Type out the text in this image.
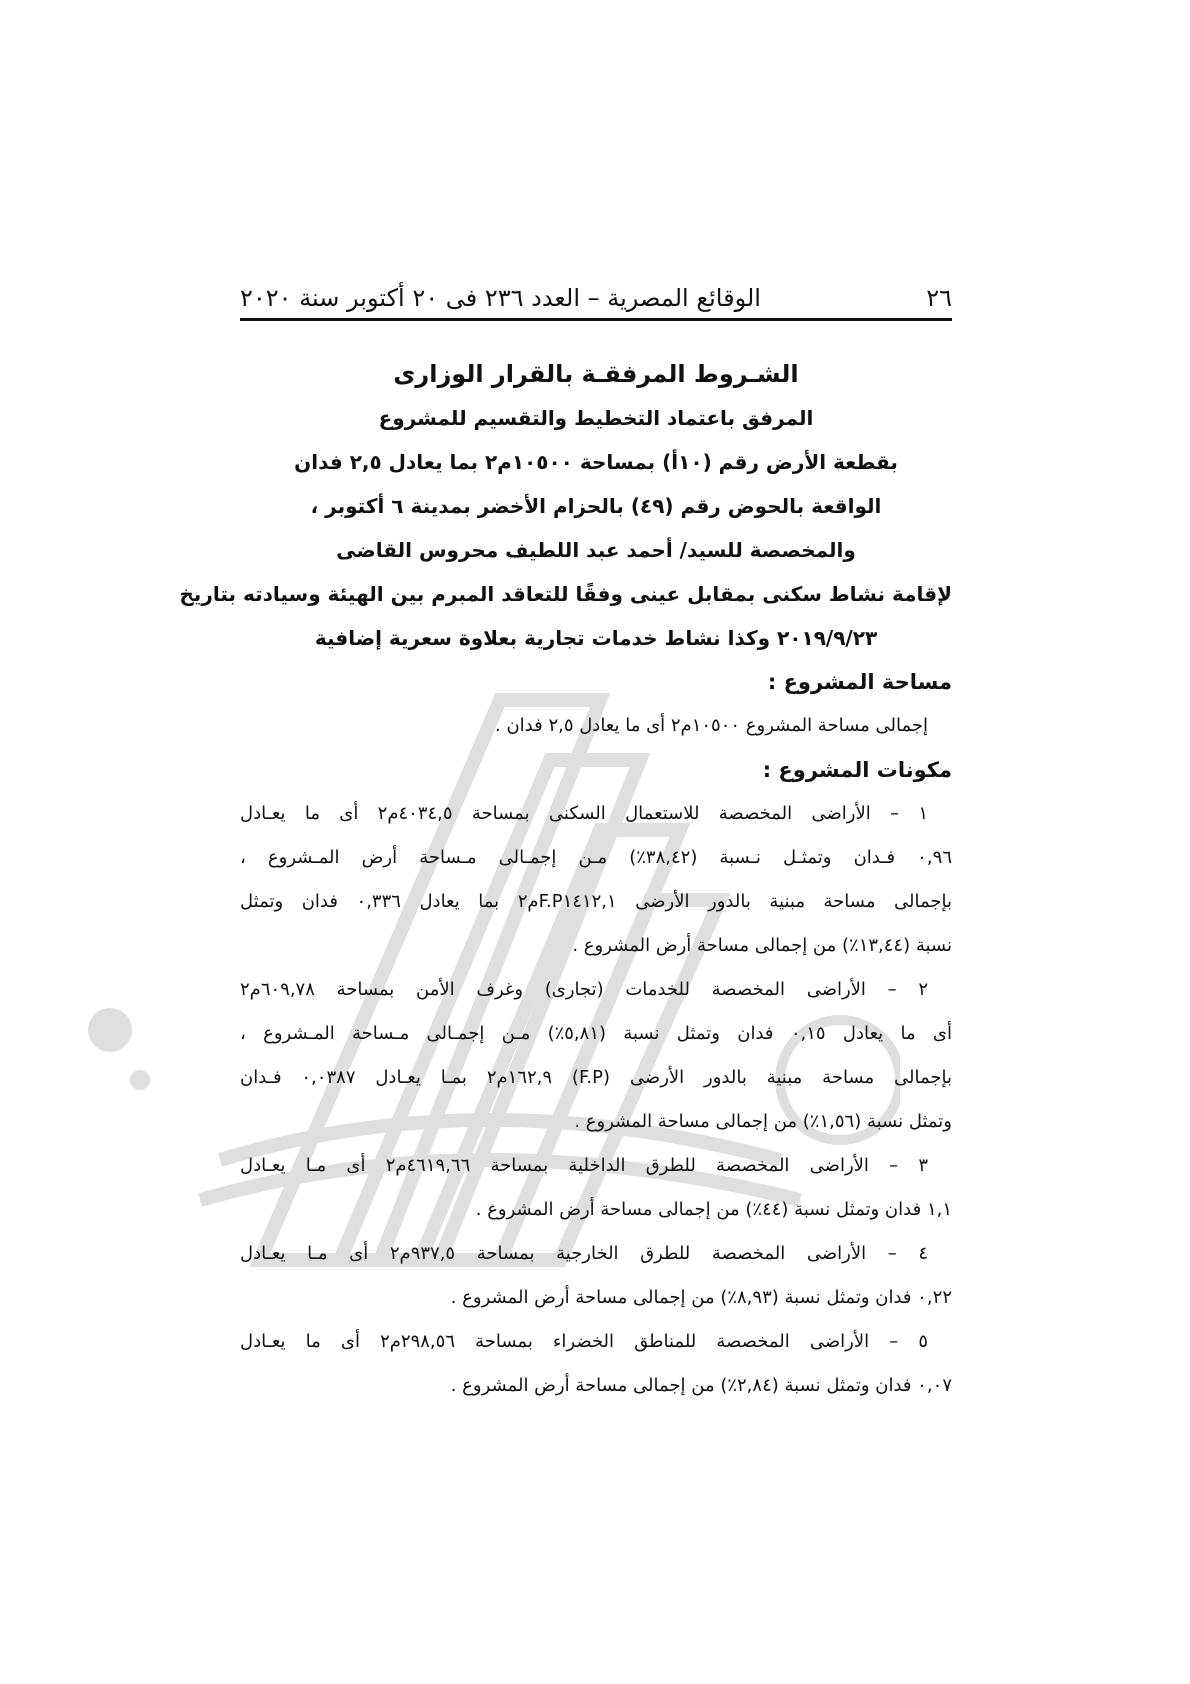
٢٦
الوقائع المصرية – العدد ٢٣٦ فى ٢٠ أكتوبر سنة ٢٠٢٠
الشـروط المرفقـة بالقرار الوزارى
المرفق باعتماد التخطيط والتقسيم للمشروع
بقطعة الأرض رقم (١٠أ) بمساحة ١٠٥٠٠م٢ بما يعادل ٢,٥ فدان
الواقعة بالحوض رقم (٤٩) بالحزام الأخضر بمدينة ٦ أكتوبر ،
والمخصصة للسيد/ أحمد عبد اللطيف محروس القاضى
لإقامة نشاط سكنى بمقابل عينى وفقًا للتعاقد المبرم بين الهيئة وسيادته بتاريخ
٢٠١٩/٩/٢٣ وكذا نشاط خدمات تجارية بعلاوة سعرية إضافية
مساحة المشروع :
إجمالى مساحة المشروع ١٠٥٠٠م٢ أى ما يعادل ٢,٥ فدان .
مكونات المشروع :
١ – الأراضى المخصصة للاستعمال السكنى بمساحة ٤٠٣٤,٥م٢ أى ما يعـادل
٠,٩٦ فـدان وتمثـل نـسبة (٣٨,٤٢٪) مـن إجمـالى مـساحة أرض المـشروع ،
بإجمالى مساحة مبنية بالدور الأرضى F.P١٤١٢,١م٢ بما يعادل ٠,٣٣٦ فدان وتمثل
نسبة (١٣,٤٤٪) من إجمالى مساحة أرض المشروع .
٢ – الأراضى المخصصة للخدمات (تجارى) وغرف الأمن بمساحة ٦٠٩,٧٨م٢
أى ما يعادل ٠,١٥ فدان وتمثل نسبة (٥,٨١٪) مـن إجمـالى مـساحة المـشروع ،
بإجمالى مساحة مبنية بالدور الأرضى (F.P) ١٦٢,٩م٢ بمـا يعـادل ٠,٠٣٨٧ فـدان
وتمثل نسبة (١,٥٦٪) من إجمالى مساحة المشروع .
٣ – الأراضى المخصصة للطرق الداخلية بمساحة ٤٦١٩,٦٦م٢ أى مـا يعـادل
١,١ فدان وتمثل نسبة (٤٤٪) من إجمالى مساحة أرض المشروع .
٤ – الأراضى المخصصة للطرق الخارجية بمساحة ٩٣٧,٥م٢ أى مـا يعـادل
٠,٢٢ فدان وتمثل نسبة (٨,٩٣٪) من إجمالى مساحة أرض المشروع .
٥ – الأراضى المخصصة للمناطق الخضراء بمساحة ٢٩٨,٥٦م٢ أى ما يعـادل
٠,٠٧ فدان وتمثل نسبة (٢,٨٤٪) من إجمالى مساحة أرض المشروع .
